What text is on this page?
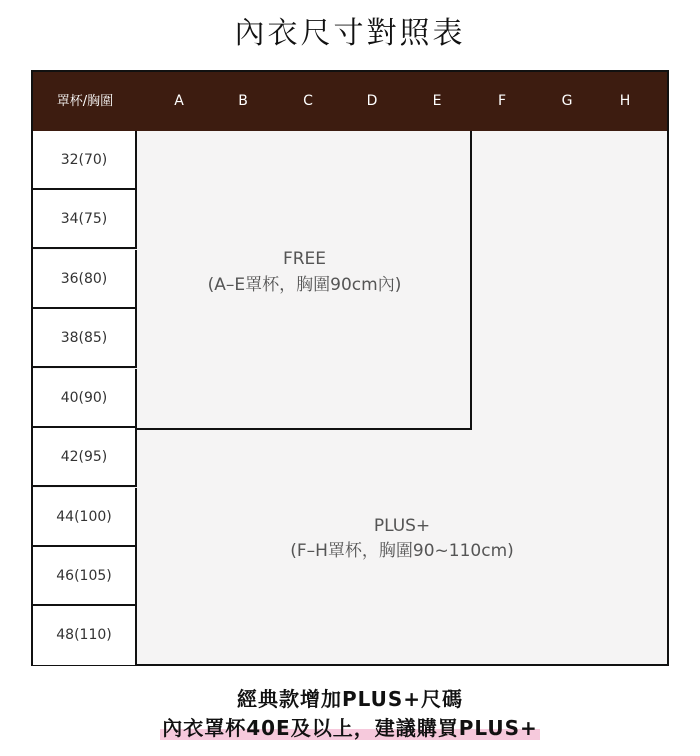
內衣尺寸對照表
罩杯/胸圍	A	B	C	D	E	F	G	H
32(70)
34(75)
36(80)
38(85)
40(90)
42(95)
44(100)
46(105)
48(110)
FREE
(A–E罩杯，胸圍90cm內)
PLUS+
(F–H罩杯，胸圍90~110cm)
經典款增加PLUS+尺碼
內衣罩杯40E及以上，建議購買PLUS+
